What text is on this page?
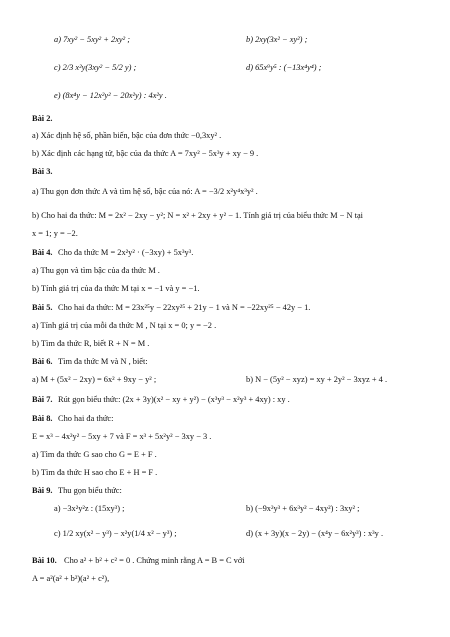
a) 7xy² − 5xy² + 2xy² ;	b) 2xy(3x² − xy²) ;
c) 2/3 x²y(3xy² − 5/2 y) ;	d) 65x⁹y⁵ : (−13x⁴y⁴) ;
e) (8x⁴y − 12x²y² − 20x²y) : 4x²y .
Bài 2.
a) Xác định hệ số, phần biến, bậc của đơn thức −0,3xy² .
b) Xác định các hạng tử, bậc của đa thức A = 7xy² − 5x³y + xy − 9 .
Bài 3.
a) Thu gọn đơn thức A và tìm hệ số, bậc của nó: A = −3/2 x²y⁴x³y² .
b) Cho hai đa thức: M = 2x² − 2xy − y²; N = x² + 2xy + y² − 1. Tính giá trị của biểu thức M − N tại
x = 1; y = −2.
Bài 4. Cho đa thức M = 2x²y² · (−3xy) + 5x³y³.
a) Thu gọn và tìm bậc của đa thức M .
b) Tính giá trị của đa thức M tại x = −1 và y = −1.
Bài 5. Cho hai đa thức: M = 23x²⁵y − 22xy²⁵ + 21y − 1 và N = −22xy²⁵ − 42y − 1.
a) Tính giá trị của mỗi đa thức M , N tại x = 0; y = −2 .
b) Tìm đa thức R, biết R + N = M .
Bài 6. Tìm đa thức M và N , biết:
a) M + (5x² − 2xy) = 6x² + 9xy − y² ;	b) N − (5y² − xyz) = xy + 2y² − 3xyz + 4 .
Bài 7. Rút gọn biểu thức: (2x + 3y)(x² − xy + y²) − (x³y³ − x²y³ + 4xy) : xy .
Bài 8. Cho hai đa thức:
E = x³ − 4x²y² − 5xy + 7 và F = x³ + 5x²y² − 3xy − 3 .
a) Tìm đa thức G sao cho G = E + F .
b) Tìm đa thức H sao cho E + H = F .
Bài 9. Thu gọn biểu thức:
a) −3x²y²z : (15xy³) ;	b) (−9x²y³ + 6x³y² − 4xy²) : 3xy² ;
c) 1/2 xy(x² − y³) − x²y(1/4 x² − y³) ;	d) (x + 3y)(x − 2y) − (x⁴y − 6x²y³) : x³y .
Bài 10. Cho a² + b² + c² = 0 . Chứng minh rằng A = B = C với
A = a²(a² + b²)(a² + c²),
